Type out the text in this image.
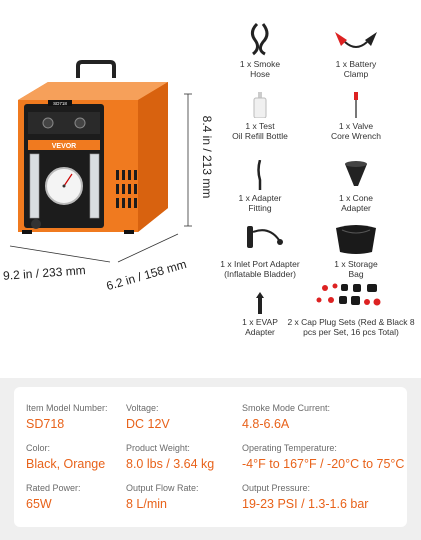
SD718
VEVOR	8.4 in / 213 mm
9.2 in / 233 mm 6.2 in / 158 mm
1 x Smoke
Hose
1 x Test
Oil Refill Bottle
1 x Adapter
Fitting
1 x Inlet Port Adapter
(Inflatable Bladder)
1 x EVAP
Adapter
1 x Battery
Clamp
1 x Valve
Core Wrench
1 x Cone
Adapter
1 x Storage
Bag
2 x Cap Plug Sets (Red & Black 8
pcs per Set, 16 pcs Total)
Item Model Number:
SD718
Voltage:
DC 12V
Smoke Mode Current:
4.8-6.6A
Color:
Black, Orange
Product Weight:
8.0 lbs / 3.64 kg
Operating Temperature:
-4°F to 167°F / -20°C to 75°C
Rated Power:
65W
Output Flow Rate:
8 L/min
Output Pressure:
19-23 PSI / 1.3-1.6 bar
